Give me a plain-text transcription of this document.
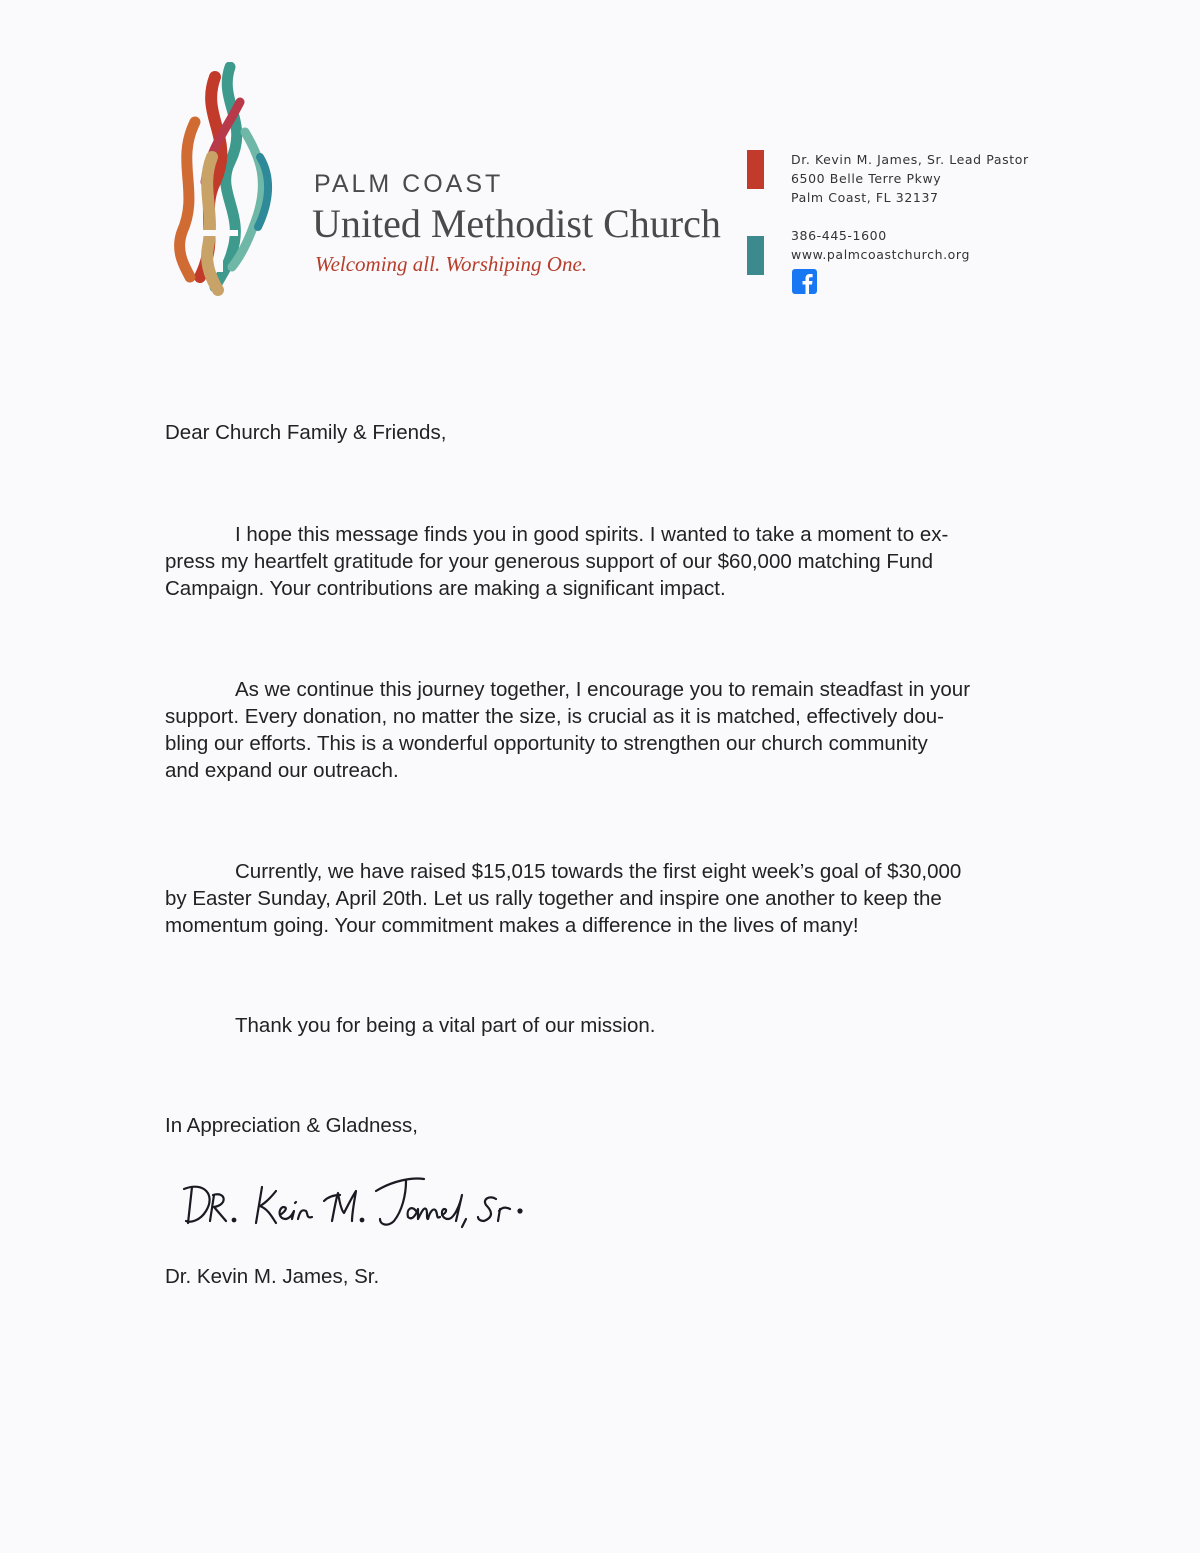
PALM COAST
United Methodist Church
Welcoming all. Worshiping One.
Dr. Kevin M. James, Sr. Lead Pastor
6500 Belle Terre Pkwy
Palm Coast, FL 32137
386-445-1600
www.palmcoastchurch.org
Dear Church Family & Friends,

I hope this message finds you in good spirits. I wanted to take a moment to ex-

press my heartfelt gratitude for your generous support of our $60,000 matching Fund

Campaign. Your contributions are making a significant impact.

As we continue this journey together, I encourage you to remain steadfast in your

support. Every donation, no matter the size, is crucial as it is matched, effectively dou-

bling our efforts. This is a wonderful opportunity to strengthen our church community

and expand our outreach.

Currently, we have raised $15,015 towards the first eight week’s goal of $30,000

by Easter Sunday, April 20th. Let us rally together and inspire one another to keep the

momentum going. Your commitment makes a difference in the lives of many!

Thank you for being a vital part of our mission.

In Appreciation & Gladness,
Dr. Kevin M. James, Sr.
